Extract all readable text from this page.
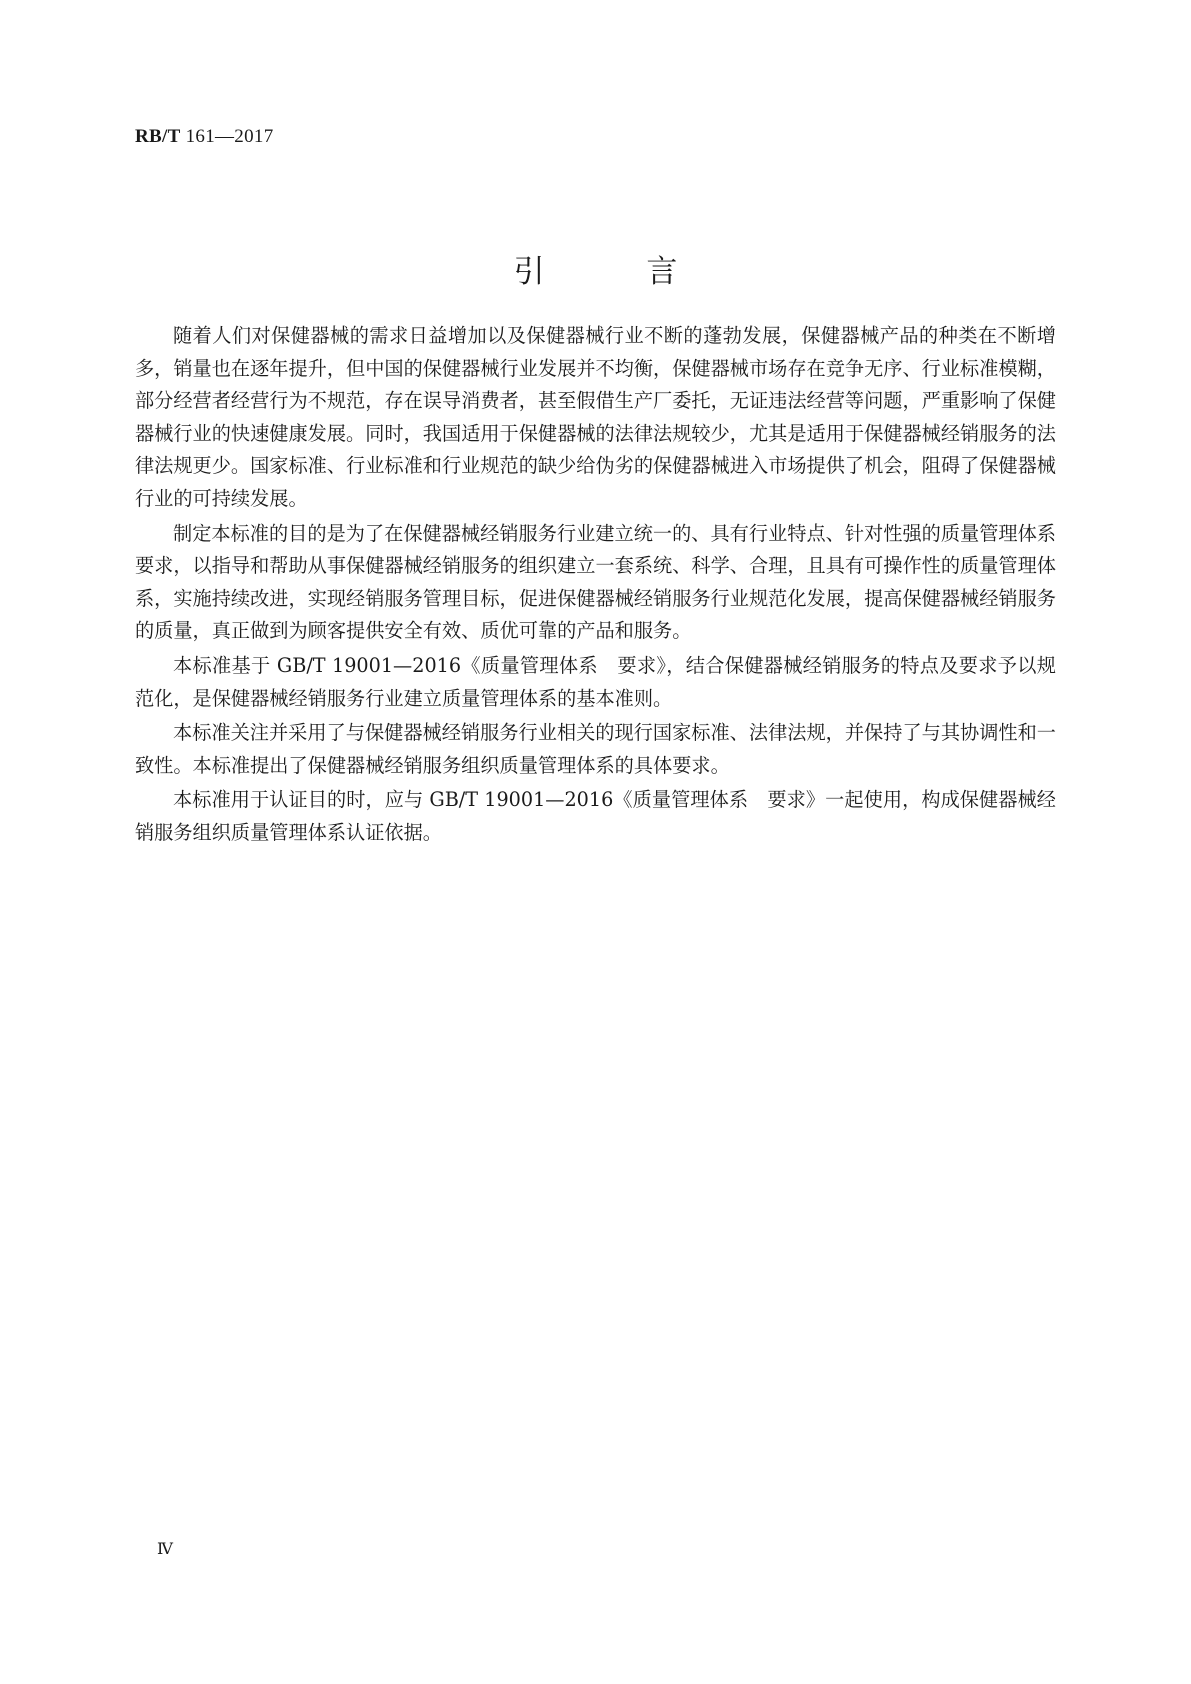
RB/T 161—2017
引 言

随着人们对保健器械的需求日益增加以及保健器械行业不断的蓬勃发展，保健器械产品的种类在不断增多，销量也在逐年提升，但中国的保健器械行业发展并不均衡，保健器械市场存在竞争无序、行业标准模糊，部分经营者经营行为不规范，存在误导消费者，甚至假借生产厂委托，无证违法经营等问题，严重影响了保健器械行业的快速健康发展。同时，我国适用于保健器械的法律法规较少，尤其是适用于保健器械经销服务的法律法规更少。国家标准、行业标准和行业规范的缺少给伪劣的保健器械进入市场提供了机会，阻碍了保健器械行业的可持续发展。

制定本标准的目的是为了在保健器械经销服务行业建立统一的、具有行业特点、针对性强的质量管理体系要求，以指导和帮助从事保健器械经销服务的组织建立一套系统、科学、合理，且具有可操作性的质量管理体系，实施持续改进，实现经销服务管理目标，促进保健器械经销服务行业规范化发展，提高保健器械经销服务的质量，真正做到为顾客提供安全有效、质优可靠的产品和服务。

本标准基于 GB/T 19001—2016《质量管理体系　要求》，结合保健器械经销服务的特点及要求予以规范化，是保健器械经销服务行业建立质量管理体系的基本准则。

本标准关注并采用了与保健器械经销服务行业相关的现行国家标准、法律法规，并保持了与其协调性和一致性。本标准提出了保健器械经销服务组织质量管理体系的具体要求。

本标准用于认证目的时，应与 GB/T 19001—2016《质量管理体系　要求》一起使用，构成保健器械经销服务组织质量管理体系认证依据。

Ⅳ
